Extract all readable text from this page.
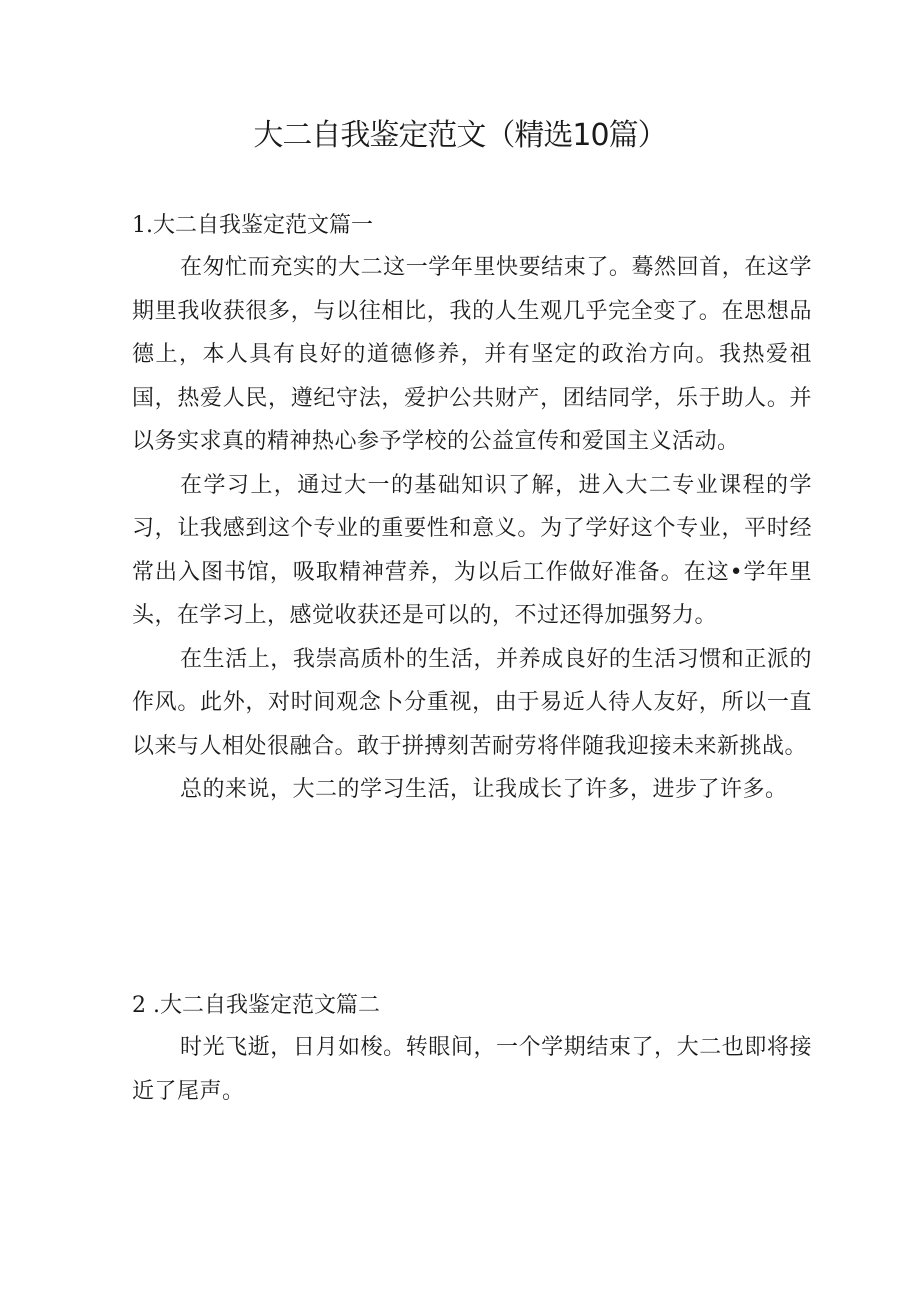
大二自我鉴定范文（精选10篇）
1.大二自我鉴定范文篇一

在匆忙而充实的大二这一学年里快要结束了。蓦然回首，在这学期里我收获很多，与以往相比，我的人生观几乎完全变了。在思想品德上，本人具有良好的道德修养，并有坚定的政治方向。我热爱祖国，热爱人民，遵纪守法，爱护公共财产，团结同学，乐于助人。并以务实求真的精神热心参予学校的公益宣传和爱国主义活动。

在学习上，通过大一的基础知识了解，进入大二专业课程的学习，让我感到这个专业的重要性和意义。为了学好这个专业，平时经常出入图书馆，吸取精神营养，为以后工作做好准备。在这•学年里头，在学习上，感觉收获还是可以的，不过还得加强努力。

在生活上，我崇高质朴的生活，并养成良好的生活习惯和正派的作风。此外，对时间观念卜分重视，由于易近人待人友好，所以一直以来与人相处很融合。敢于拼搏刻苦耐劳将伴随我迎接未来新挑战。

总的来说，大二的学习生活，让我成长了许多，进步了许多。

2 .大二自我鉴定范文篇二

时光飞逝，日月如梭。转眼间，一个学期结束了，大二也即将接近了尾声。
